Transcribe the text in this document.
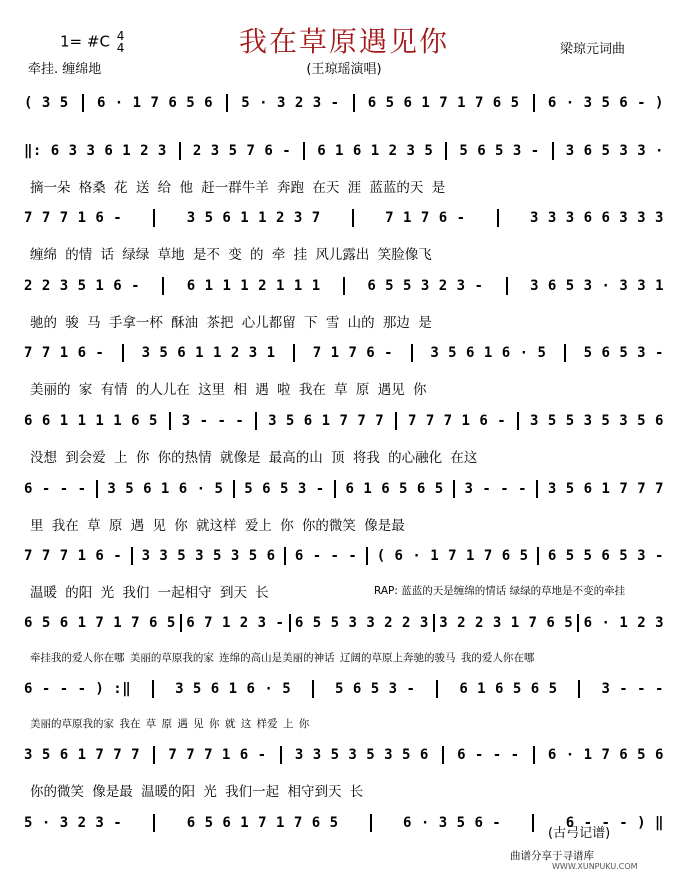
1= #C 4
4
牵挂. 缠绵地
我在草原遇见你
(王琼瑶演唱)
梁琼元词曲
( 3 5 6 · 1 7 6 5 6 5 · 3 2 3 - 6 5 6 1 7 1 7 6 5 6 · 3 5 6 - )
‖: 6 3 3 6 1 2 3 2 3 5 7 6 - 6 1 6 1 2 3 5 5 6 5 3 - 3 6 5 3 3 ·
摘一朵 格桑 花 送 给 他 赶一群牛羊 奔跑 在天 涯 蓝蓝的天 是
7 7 7 1 6 -	3 5 6 1 1 2 3 7	7 1 7 6 -	3 3 3 6 6 3 3 3
缠绵 的情 话 绿绿 草地 是不 变 的 牵 挂 风儿露出 笑脸像飞
2 2 3 5 1 6 -	6 1 1 1 2 1 1 1	6 5 5 3 2 3 -	3 6 5 3 · 3 3 1
驰的 骏 马 手拿一杯 酥油 茶把 心儿都留 下 雪 山的 那边 是
7 7 1 6 -	3 5 6 1 1 2 3 1	7 1 7 6 -	3 5 6 1 6 · 5	5 6 5 3 -
美丽的 家 有情 的人儿在 这里 相 遇 啦 我在 草 原 遇见 你
6 6 1 1 1 1 6 5 3 - - - 3 5 6 1 7 7 7 7 7 7 1 6 - 3 5 5 3 5 3 5 6
没想 到会爱 上 你 你的热情 就像是 最高的山 顶 将我 的心融化 在这
6 - - - 3 5 6 1 6 · 5 5 6 5 3 - 6 1 6 5 6 5 3 - - - 3 5 6 1 7 7 7
里 我在 草 原 遇 见 你 就这样 爱上 你 你的微笑 像是最
7 7 7 1 6 - 3 3 5 3 5 3 5 6 6 - - - ( 6 · 1 7 1 7 6 5 6 5 5 6 5 3 -
温暖 的阳 光 我们 一起相守 到天 长	RAP: 蓝蓝的天是缠绵的情话 绿绿的草地是不变的牵挂
6 5 6 1 7 1 7 6 5 6 7 1 2 3 - 6 5 5 3 3 2 2 3 3 2 2 3 1 7 6 5 6 · 1 2 3
牵挂我的爱人你在哪 美丽的草原我的家 连绵的高山是美丽的神话 辽阔的草原上奔驰的骏马 我的爱人你在哪
6 - - - ) :‖	3 5 6 1 6 · 5	5 6 5 3 -	6 1 6 5 6 5	3 - - -
美丽的草原我的家 我在 草 原 遇 见 你 就 这 样爱 上 你
3 5 6 1 7 7 7 7 7 7 1 6 - 3 3 5 3 5 3 5 6 6 - - - 6 · 1 7 6 5 6
你的微笑 像是最 温暖的阳 光 我们一起 相守到天 长
5 · 3 2 3 -	6 5 6 1 7 1 7 6 5	6 · 3 5 6 -	6 - - - ) ‖
(古弓记谱)
曲谱分享于寻谱库
WWW.XUNPUKU.COM
